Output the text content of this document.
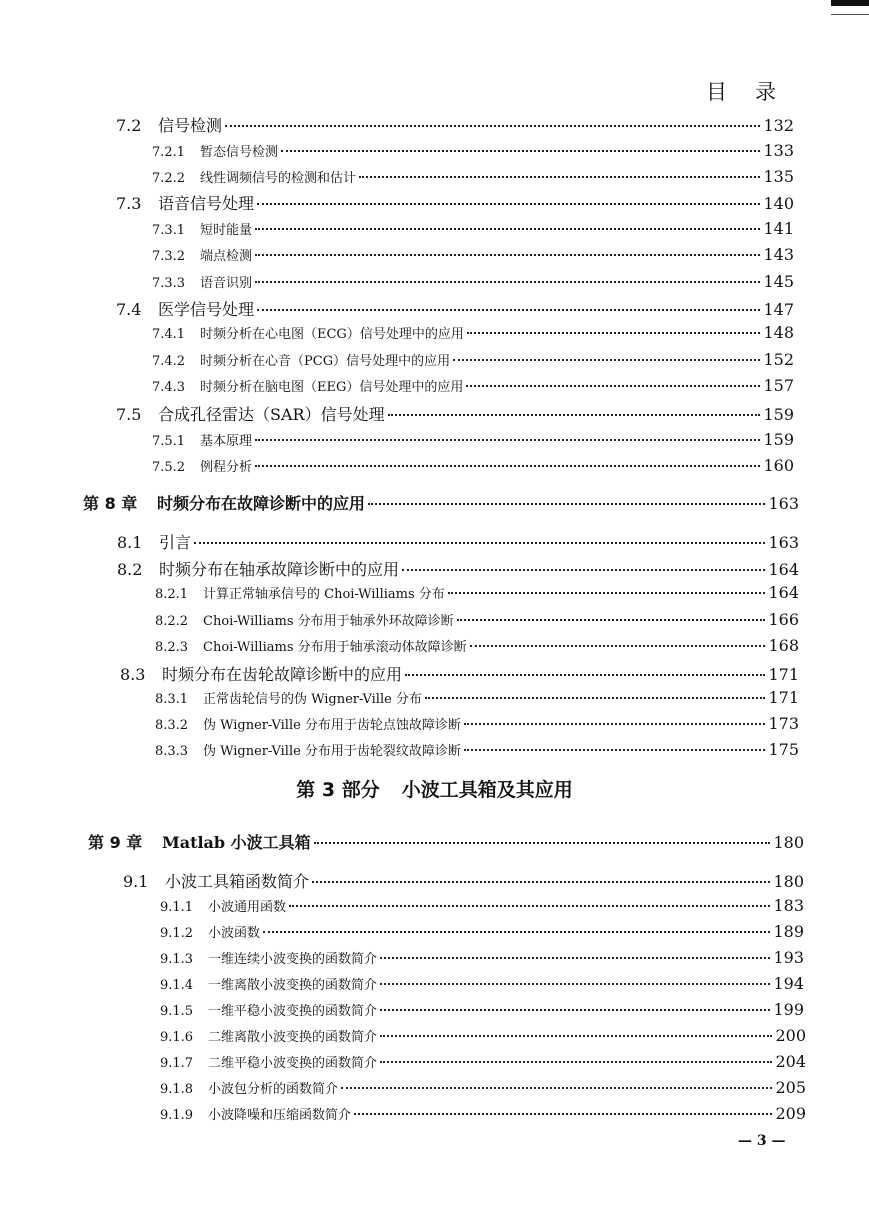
目 录
7.2	信号检测	132
7.2.1	暂态信号检测	133
7.2.2	线性调频信号的检测和估计	135
7.3	语音信号处理	140
7.3.1	短时能量	141
7.3.2	端点检测	143
7.3.3	语音识别	145
7.4	医学信号处理	147
7.4.1	时频分析在心电图（ECG）信号处理中的应用	148
7.4.2	时频分析在心音（PCG）信号处理中的应用	152
7.4.3	时频分析在脑电图（EEG）信号处理中的应用	157
7.5	合成孔径雷达（SAR）信号处理	159
7.5.1	基本原理	159
7.5.2	例程分析	160
第 8 章	时频分布在故障诊断中的应用	163
8.1	引言	163
8.2	时频分布在轴承故障诊断中的应用	164
8.2.1	计算正常轴承信号的 Choi-Williams 分布	164
8.2.2	Choi-Williams 分布用于轴承外环故障诊断	166
8.2.3	Choi-Williams 分布用于轴承滚动体故障诊断	168
8.3	时频分布在齿轮故障诊断中的应用	171
8.3.1	正常齿轮信号的伪 Wigner-Ville 分布	171
8.3.2	伪 Wigner-Ville 分布用于齿轮点蚀故障诊断	173
8.3.3	伪 Wigner-Ville 分布用于齿轮裂纹故障诊断	175
第 9 章	Matlab 小波工具箱	180
9.1	小波工具箱函数简介	180
9.1.1	小波通用函数	183
9.1.2	小波函数	189
9.1.3	一维连续小波变换的函数简介	193
9.1.4	一维离散小波变换的函数简介	194
9.1.5	一维平稳小波变换的函数简介	199
9.1.6	二维离散小波变换的函数简介	200
9.1.7	二维平稳小波变换的函数简介	204
9.1.8	小波包分析的函数简介	205
9.1.9	小波降噪和压缩函数简介	209
第 3 部分 小波工具箱及其应用
— 3 —
